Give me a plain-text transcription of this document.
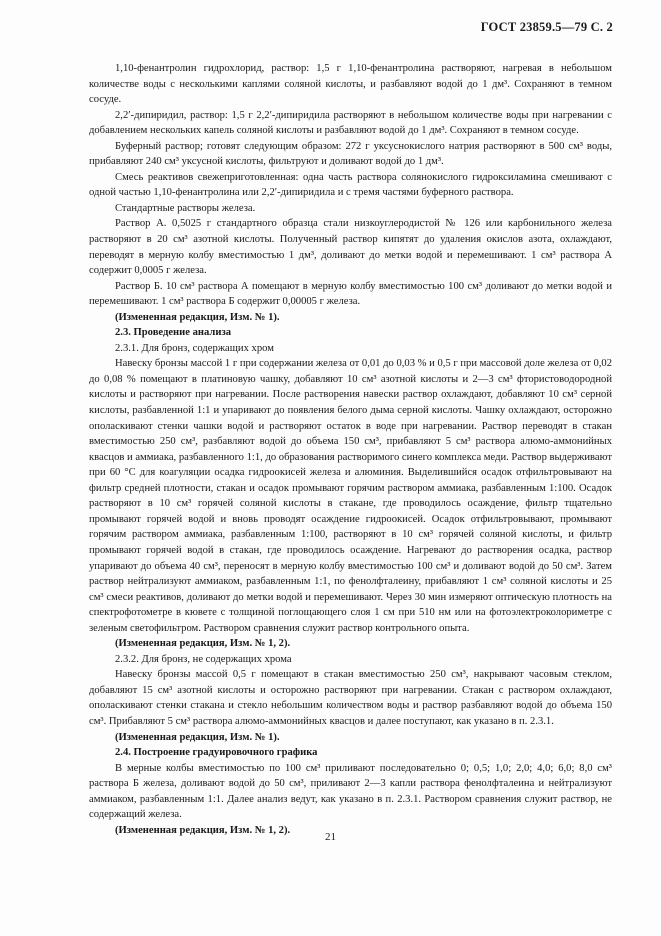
ГОСТ 23859.5—79 С. 2

1,10-фенантролин гидрохлорид, раствор: 1,5 г 1,10-фенантролина растворяют, нагревая в небольшом количестве воды с несколькими каплями соляной кислоты, и разбавляют водой до 1 дм³. Сохраняют в темном сосуде.

2,2′-дипиридил, раствор: 1,5 г 2,2′-дипиридила растворяют в небольшом количестве воды при нагревании с добавлением нескольких капель соляной кислоты и разбавляют водой до 1 дм³. Сохраняют в темном сосуде.

Буферный раствор; готовят следующим образом: 272 г уксуснокислого натрия растворяют в 500 см³ воды, прибавляют 240 см³ уксусной кислоты, фильтруют и доливают водой до 1 дм³.

Смесь реактивов свежеприготовленная: одна часть раствора солянокислого гидроксиламина смешивают с одной частью 1,10-фенантролина или 2,2′-дипиридила и с тремя частями буферного раствора.

Стандартные растворы железа.

Раствор А. 0,5025 г стандартного образца стали низкоуглеродистой № 126 или карбонильного железа растворяют в 20 см³ азотной кислоты. Полученный раствор кипятят до удаления окислов азота, охлаждают, переводят в мерную колбу вместимостью 1 дм³, доливают до метки водой и перемешивают. 1 см³ раствора А содержит 0,0005 г железа.

Раствор Б. 10 см³ раствора А помещают в мерную колбу вместимостью 100 см³ доливают до метки водой и перемешивают. 1 см³ раствора Б содержит 0,00005 г железа.

(Измененная редакция, Изм. № 1).

2.3. Проведение анализа

2.3.1. Для бронз, содержащих хром

Навеску бронзы массой 1 г при содержании железа от 0,01 до 0,03 % и 0,5 г при массовой доле железа от 0,02 до 0,08 % помещают в платиновую чашку, добавляют 10 см³ азотной кислоты и 2—3 см³ фтористоводородной кислоты и растворяют при нагревании. После растворения навески раствор охлаждают, добавляют 10 см³ серной кислоты, разбавленной 1:1 и упаривают до появления белого дыма серной кислоты. Чашку охлаждают, осторожно ополаскивают стенки чашки водой и растворяют остаток в воде при нагревании. Раствор переводят в стакан вместимостью 250 см³, разбавляют водой до объема 150 см³, прибавляют 5 см³ раствора алюмо-аммонийных квасцов и аммиака, разбавленного 1:1, до образования растворимого синего комплекса меди. Раствор выдерживают при 60 °С для коагуляции осадка гидроокисей железа и алюминия. Выделившийся осадок отфильтровывают на фильтр средней плотности, стакан и осадок промывают горячим раствором аммиака, разбавленным 1:100. Осадок растворяют в 10 см³ горячей соляной кислоты в стакане, где проводилось осаждение, фильтр тщательно промывают горячей водой и вновь проводят осаждение гидроокисей. Осадок отфильтровывают, промывают горячим раствором аммиака, разбавленным 1:100, растворяют в 10 см³ горячей соляной кислоты, и фильтр промывают горячей водой в стакан, где проводилось осаждение. Нагревают до растворения осадка, раствор упаривают до объема 40 см³, переносят в мерную колбу вместимостью 100 см³ и доливают водой до 50 см³. Затем раствор нейтрализуют аммиаком, разбавленным 1:1, по фенолфталеину, прибавляют 1 см³ соляной кислоты и 25 см³ смеси реактивов, доливают до метки водой и перемешивают. Через 30 мин измеряют оптическую плотность на спектрофотометре в кювете с толщиной поглощающего слоя 1 см при 510 нм или на фотоэлектроколориметре с зеленым светофильтром. Раствором сравнения служит раствор контрольного опыта.

(Измененная редакция, Изм. № 1, 2).

2.3.2. Для бронз, не содержащих хрома

Навеску бронзы массой 0,5 г помещают в стакан вместимостью 250 см³, накрывают часовым стеклом, добавляют 15 см³ азотной кислоты и осторожно растворяют при нагревании. Стакан с раствором охлаждают, ополаскивают стенки стакана и стекло небольшим количеством воды и раствор разбавляют водой до объема 150 см³. Прибавляют 5 см³ раствора алюмо-аммонийных квасцов и далее поступают, как указано в п. 2.3.1.

(Измененная редакция, Изм. № 1).

2.4. Построение градуировочного графика

В мерные колбы вместимостью по 100 см³ приливают последовательно 0; 0,5; 1,0; 2,0; 4,0; 6,0; 8,0 см³ раствора Б железа, доливают водой до 50 см³, приливают 2—3 капли раствора фенолфталеина и нейтрализуют аммиаком, разбавленным 1:1. Далее анализ ведут, как указано в п. 2.3.1. Раствором сравнения служит раствор, не содержащий железа.

(Измененная редакция, Изм. № 1, 2).

21
